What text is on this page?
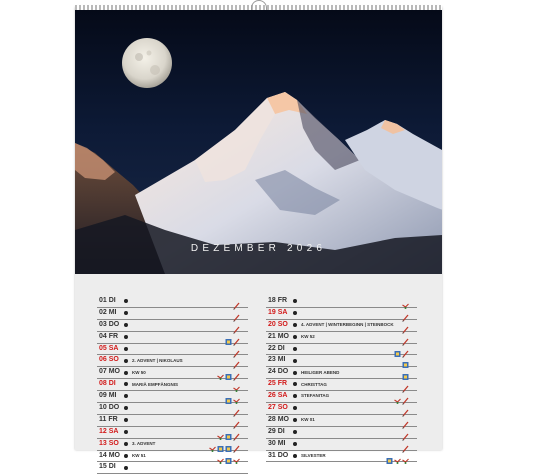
DEZEMBER 2026
01 DI
02 MI
03 DO
04 FR
05 SA
06 SO	2. ADVENT | NIKOLAUS
07 MO	KW 50
08 DI	MARIÄ EMPFÄNGNIS
09 MI
10 DO
11 FR
12 SA
13 SO	3. ADVENT
14 MO	KW 51
15 DI
18 FR
19 SA
20 SO	4. ADVENT | WINTERBEGINN | STEINBOCK
21 MO	KW 52
22 DI
23 MI
24 DO	HEILIGER ABEND
25 FR	CHRISTTAG
26 SA	STEFANITAG
27 SO
28 MO	KW 01
29 DI
30 MI
31 DO	SILVESTER
